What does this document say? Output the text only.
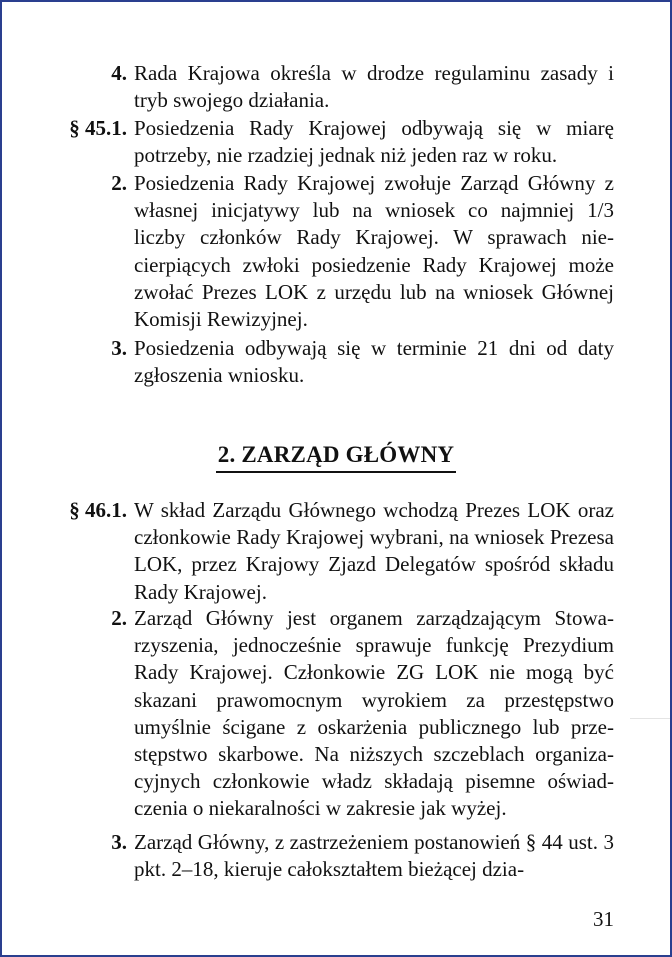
4. Rada Krajowa określa w drodze regulaminu zasady i tryb swojego działania.
§ 45.1. Posiedzenia Rady Krajowej odbywają się w miarę potrzeby, nie rzadziej jednak niż jeden raz w roku.
2. Posiedzenia Rady Krajowej zwołuje Zarząd Główny z własnej inicjatywy lub na wniosek co najmniej 1/3 liczby członków Rady Krajowej. W sprawach niecierpiących zwłoki posiedzenie Rady Krajowej może zwołać Prezes LOK z urzędu lub na wniosek Głównej Komisji Rewizyjnej.
3. Posiedzenia odbywają się w terminie 21 dni od daty zgłoszenia wniosku.
2. ZARZĄD GŁÓWNY
§ 46.1. W skład Zarządu Głównego wchodzą Prezes LOK oraz członkowie Rady Krajowej wybrani, na wniosek Prezesa LOK, przez Krajowy Zjazd Delegatów spośród składu Rady Krajowej.
2. Zarząd Główny jest organem zarządzającym Stowarzyszenia, jednocześnie sprawuje funkcję Prezydium Rady Krajowej. Członkowie ZG LOK nie mogą być skazani prawomocnym wyrokiem za przestępstwo umyślnie ścigane z oskarżenia publicznego lub przestępstwo skarbowe. Na niższych szczeblach organizacyjnych członkowie władz składają pisemne oświadczenia o niekaralności w zakresie jak wyżej.
3. Zarząd Główny, z zastrzeżeniem postanowień § 44 ust. 3 pkt. 2–18, kieruje całokształtem bieżącej dzia-
31
